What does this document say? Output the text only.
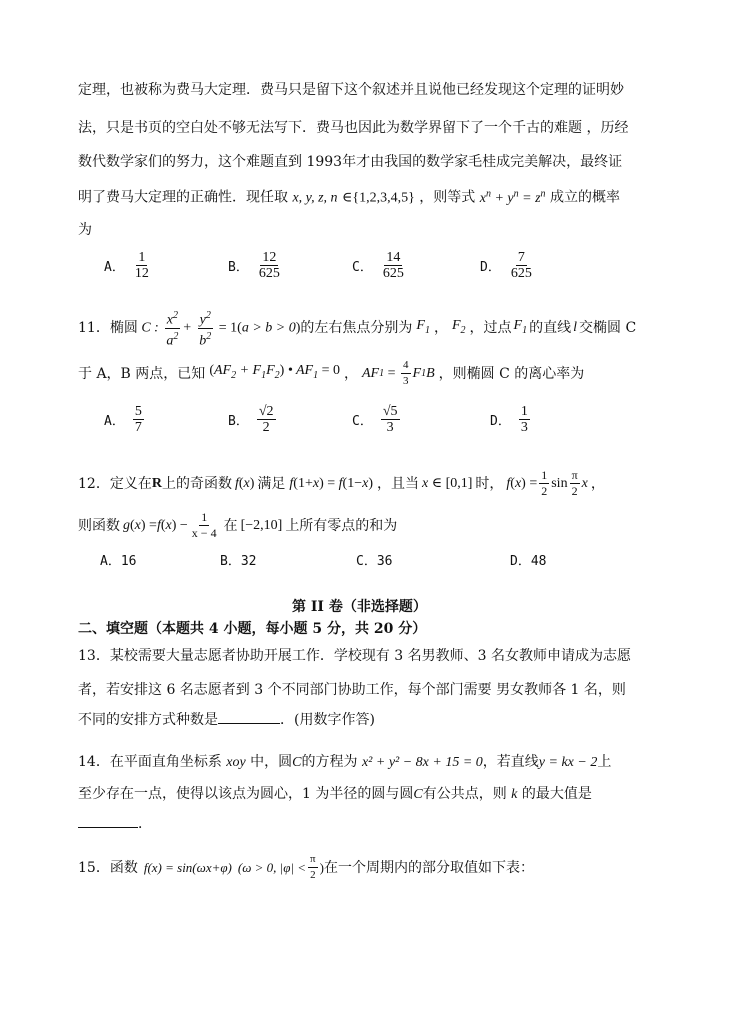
定理，也被称为费马大定理．费马只是留下这个叙述并且说他已经发现这个定理的证明妙
法，只是书页的空白处不够无法写下．费马也因此为数学界留下了一个千古的难题 ，历经
数代数学家们的努力，这个难题直到 1993年才由我国的数学家毛桂成完美解决，最终证
明了费马大定理的正确性．现任取 x, y, z, n ∈{1,2,3,4,5} ，则等式 $x^n + y^n = z^n$ 成立的概率
为
A． $\frac{1}{12}$	B． $\frac{12}{625}$	C． $\frac{14}{625}$	D． $\frac{7}{625}$
11． 椭圆 C : $\frac{x^2}{a^2} + \frac{y^2}{b^2} = 1(a > b > 0)$ 的左右焦点分别为 $F_1$ ， $F_2$ ，过点 $F_1$ 的直线 l 交椭圆 C
于 A，B 两点，已知 $(AF_2 + F_1F_2)$ • $AF_1 = 0$ ， AF 1
=
$\frac{4}{3}$ F 1 B ，则椭圆 C 的离心率为
A． $\frac{5}{7}$	B． $\frac{√2}{2}$	C． $\frac{√5}{3}$	D． $\frac{1}{3}$
12． 定义在 R 上的奇函数 f(x) 满足 f(1+x) = f(1−x) ，且当 x ∈ [0,1] 时， f ( x ) = $\frac{1}{2}$ $\sin \frac{\pi}{2}$ x ，
则函数 g ( x ) = f ( x ) − $\frac{1}{x - 4}$ 在 [−2,10] 上所有零点的和为
A．16	B．32	C．36	D．48
第 II 卷（非选择题）
二、填空题（本题共 4 小题，每小题 5 分，共 20 分）
13．某校需要大量志愿者协助开展工作．学校现有 3 名男教师、3 名女教师申请成为志愿
者，若安排这 6 名志愿者到 3 个不同部门协助工作，每个部门需要 男女教师各 1 名，则
不同的安排方式种数是	．(用数字作答)
14．在平面直角坐标系 xoy 中，圆C的方程为 x² + y² − 8x + 15 = 0，若直线y = kx − 2上
至少存在一点，使得以该点为圆心，1 为半径的圆与圆C有公共点，则 k 的最大值是
．
15．函数 f(x) = sin(ωx+φ) (ω > 0, $|\varphi| < \frac{\pi}{2}$ ) 在一个周期内的部分取值如下表：
